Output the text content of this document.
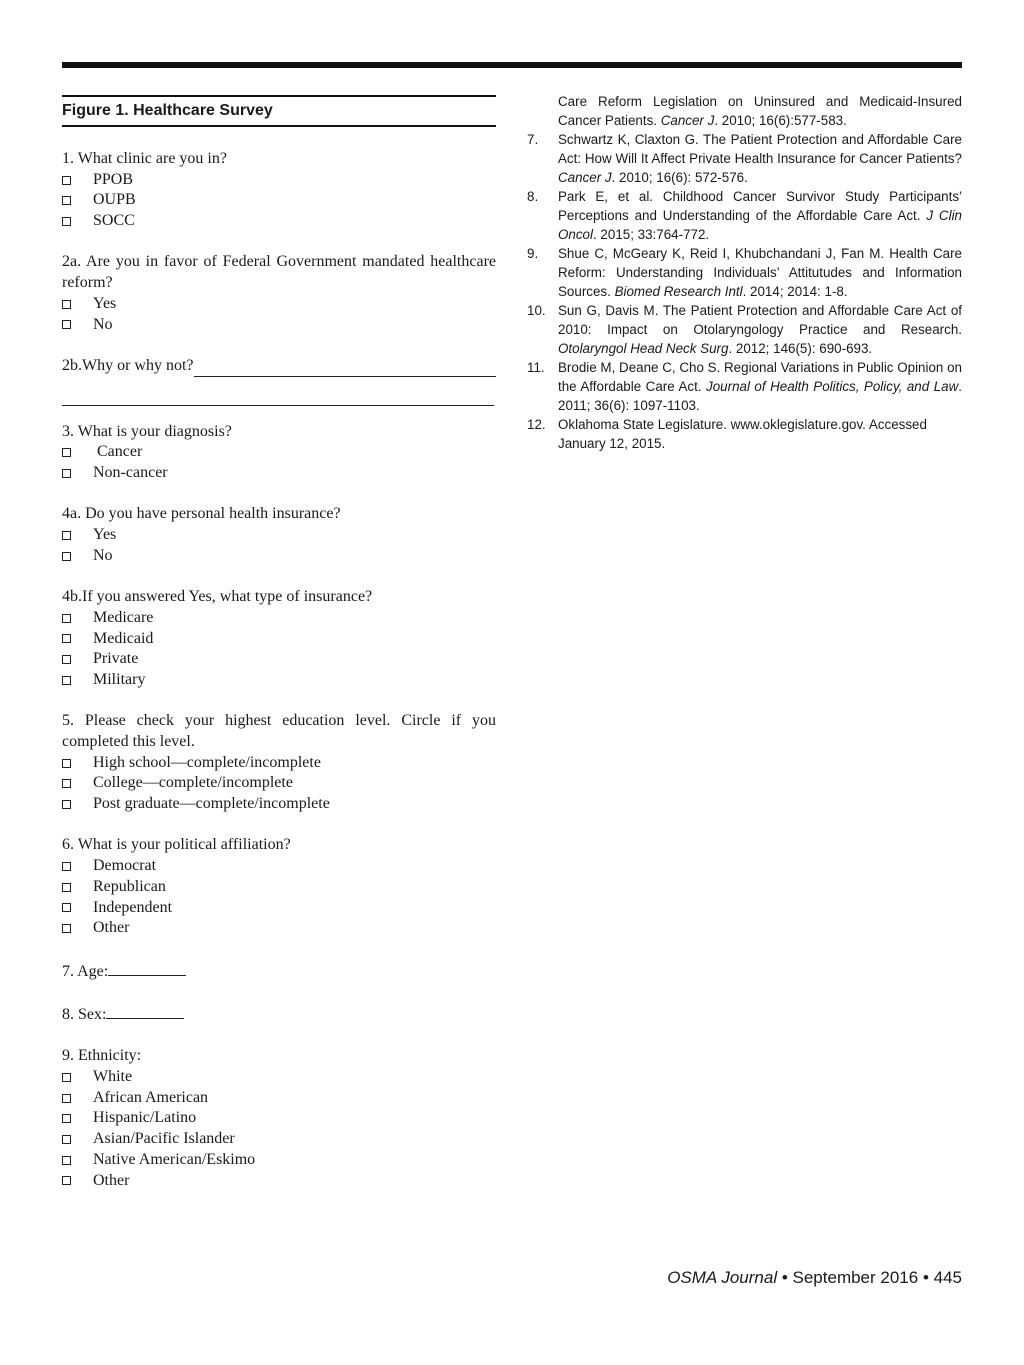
Figure 1. Healthcare Survey
1. What clinic are you in?
PPOB
OUPB
SOCC
2a. Are you in favor of Federal Government mandated healthcare reform?
Yes
No
2b.Why or why not?
3. What is your diagnosis?
Cancer
Non-cancer
4a. Do you have personal health insurance?
Yes
No
4b.If you answered Yes, what type of insurance?
Medicare
Medicaid
Private
Military
5. Please check your highest education level. Circle if you completed this level.
High school—complete/incomplete
College—complete/incomplete
Post graduate—complete/incomplete
6. What is your political affiliation?
Democrat
Republican
Independent
Other
7. Age:
8. Sex:
9. Ethnicity:
White
African American
Hispanic/Latino
Asian/Pacific Islander
Native American/Eskimo
Other
Care Reform Legislation on Uninsured and Medicaid-Insured Cancer Patients. Cancer J. 2010; 16(6):577-583.
7.	Schwartz K, Claxton G. The Patient Protection and Affordable Care Act: How Will It Affect Private Health Insurance for Cancer Patients? Cancer J. 2010; 16(6): 572-576.
8.	Park E, et al. Childhood Cancer Survivor Study Participants’ Perceptions and Understanding of the Affordable Care Act. J Clin Oncol. 2015; 33:764-772.
9.	Shue C, McGeary K, Reid I, Khubchandani J, Fan M. Health Care Reform: Understanding Individuals’ Attitutudes and Information Sources. Biomed Research Intl. 2014; 2014: 1-8.
10. Sun G, Davis M. The Patient Protection and Affordable Care Act of 2010: Impact on Otolaryngology Practice and Research. Otolaryngol Head Neck Surg. 2012; 146(5): 690-693.
11. Brodie M, Deane C, Cho S. Regional Variations in Public Opinion on the Affordable Care Act. Journal of Health Politics, Policy, and Law. 2011; 36(6): 1097-1103.
12. Oklahoma State Legislature. www.oklegislature.gov. Accessed January 12, 2015.
OSMA Journal • September 2016 • 445
